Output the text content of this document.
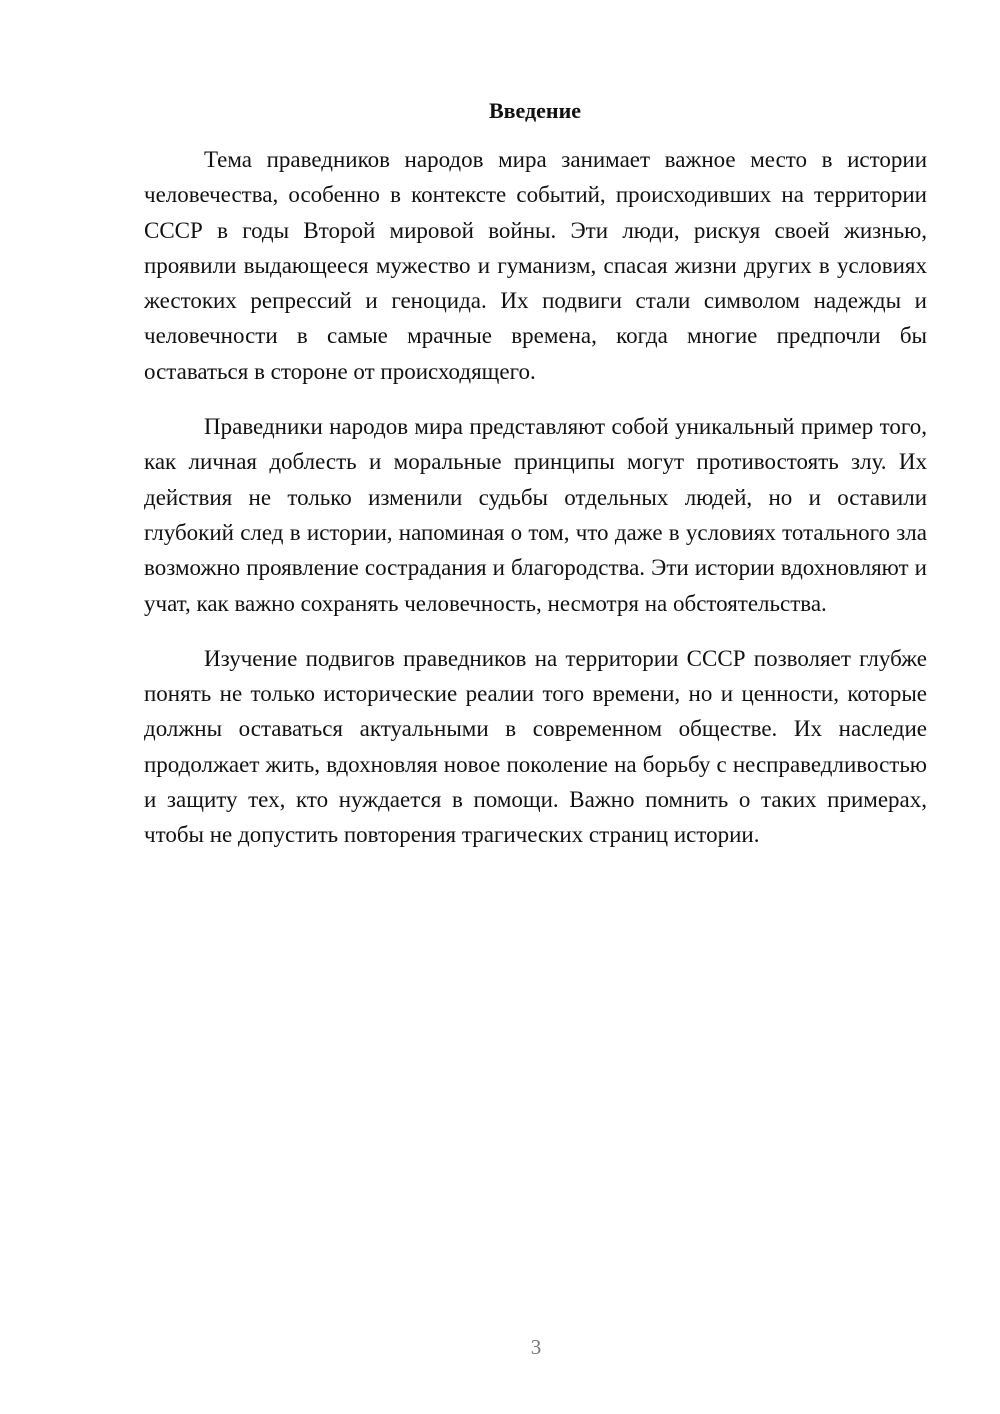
Введение

Тема праведников народов мира занимает важное место в истории человечества, особенно в контексте событий, происходивших на территории СССР в годы Второй мировой войны. Эти люди, рискуя своей жизнью, проявили выдающееся мужество и гуманизм, спасая жизни других в условиях жестоких репрессий и геноцида. Их подвиги стали символом надежды и человечности в самые мрачные времена, когда многие предпочли бы оставаться в стороне от происходящего.

Праведники народов мира представляют собой уникальный пример того, как личная доблесть и моральные принципы могут противостоять злу. Их действия не только изменили судьбы отдельных людей, но и оставили глубокий след в истории, напоминая о том, что даже в условиях тотального зла возможно проявление сострадания и благородства. Эти истории вдохновляют и учат, как важно сохранять человечность, несмотря на обстоятельства.

Изучение подвигов праведников на территории СССР позволяет глубже понять не только исторические реалии того времени, но и ценности, которые должны оставаться актуальными в современном обществе. Их наследие продолжает жить, вдохновляя новое поколение на борьбу с несправедливостью и защиту тех, кто нуждается в помощи. Важно помнить о таких примерах, чтобы не допустить повторения трагических страниц истории.

3
